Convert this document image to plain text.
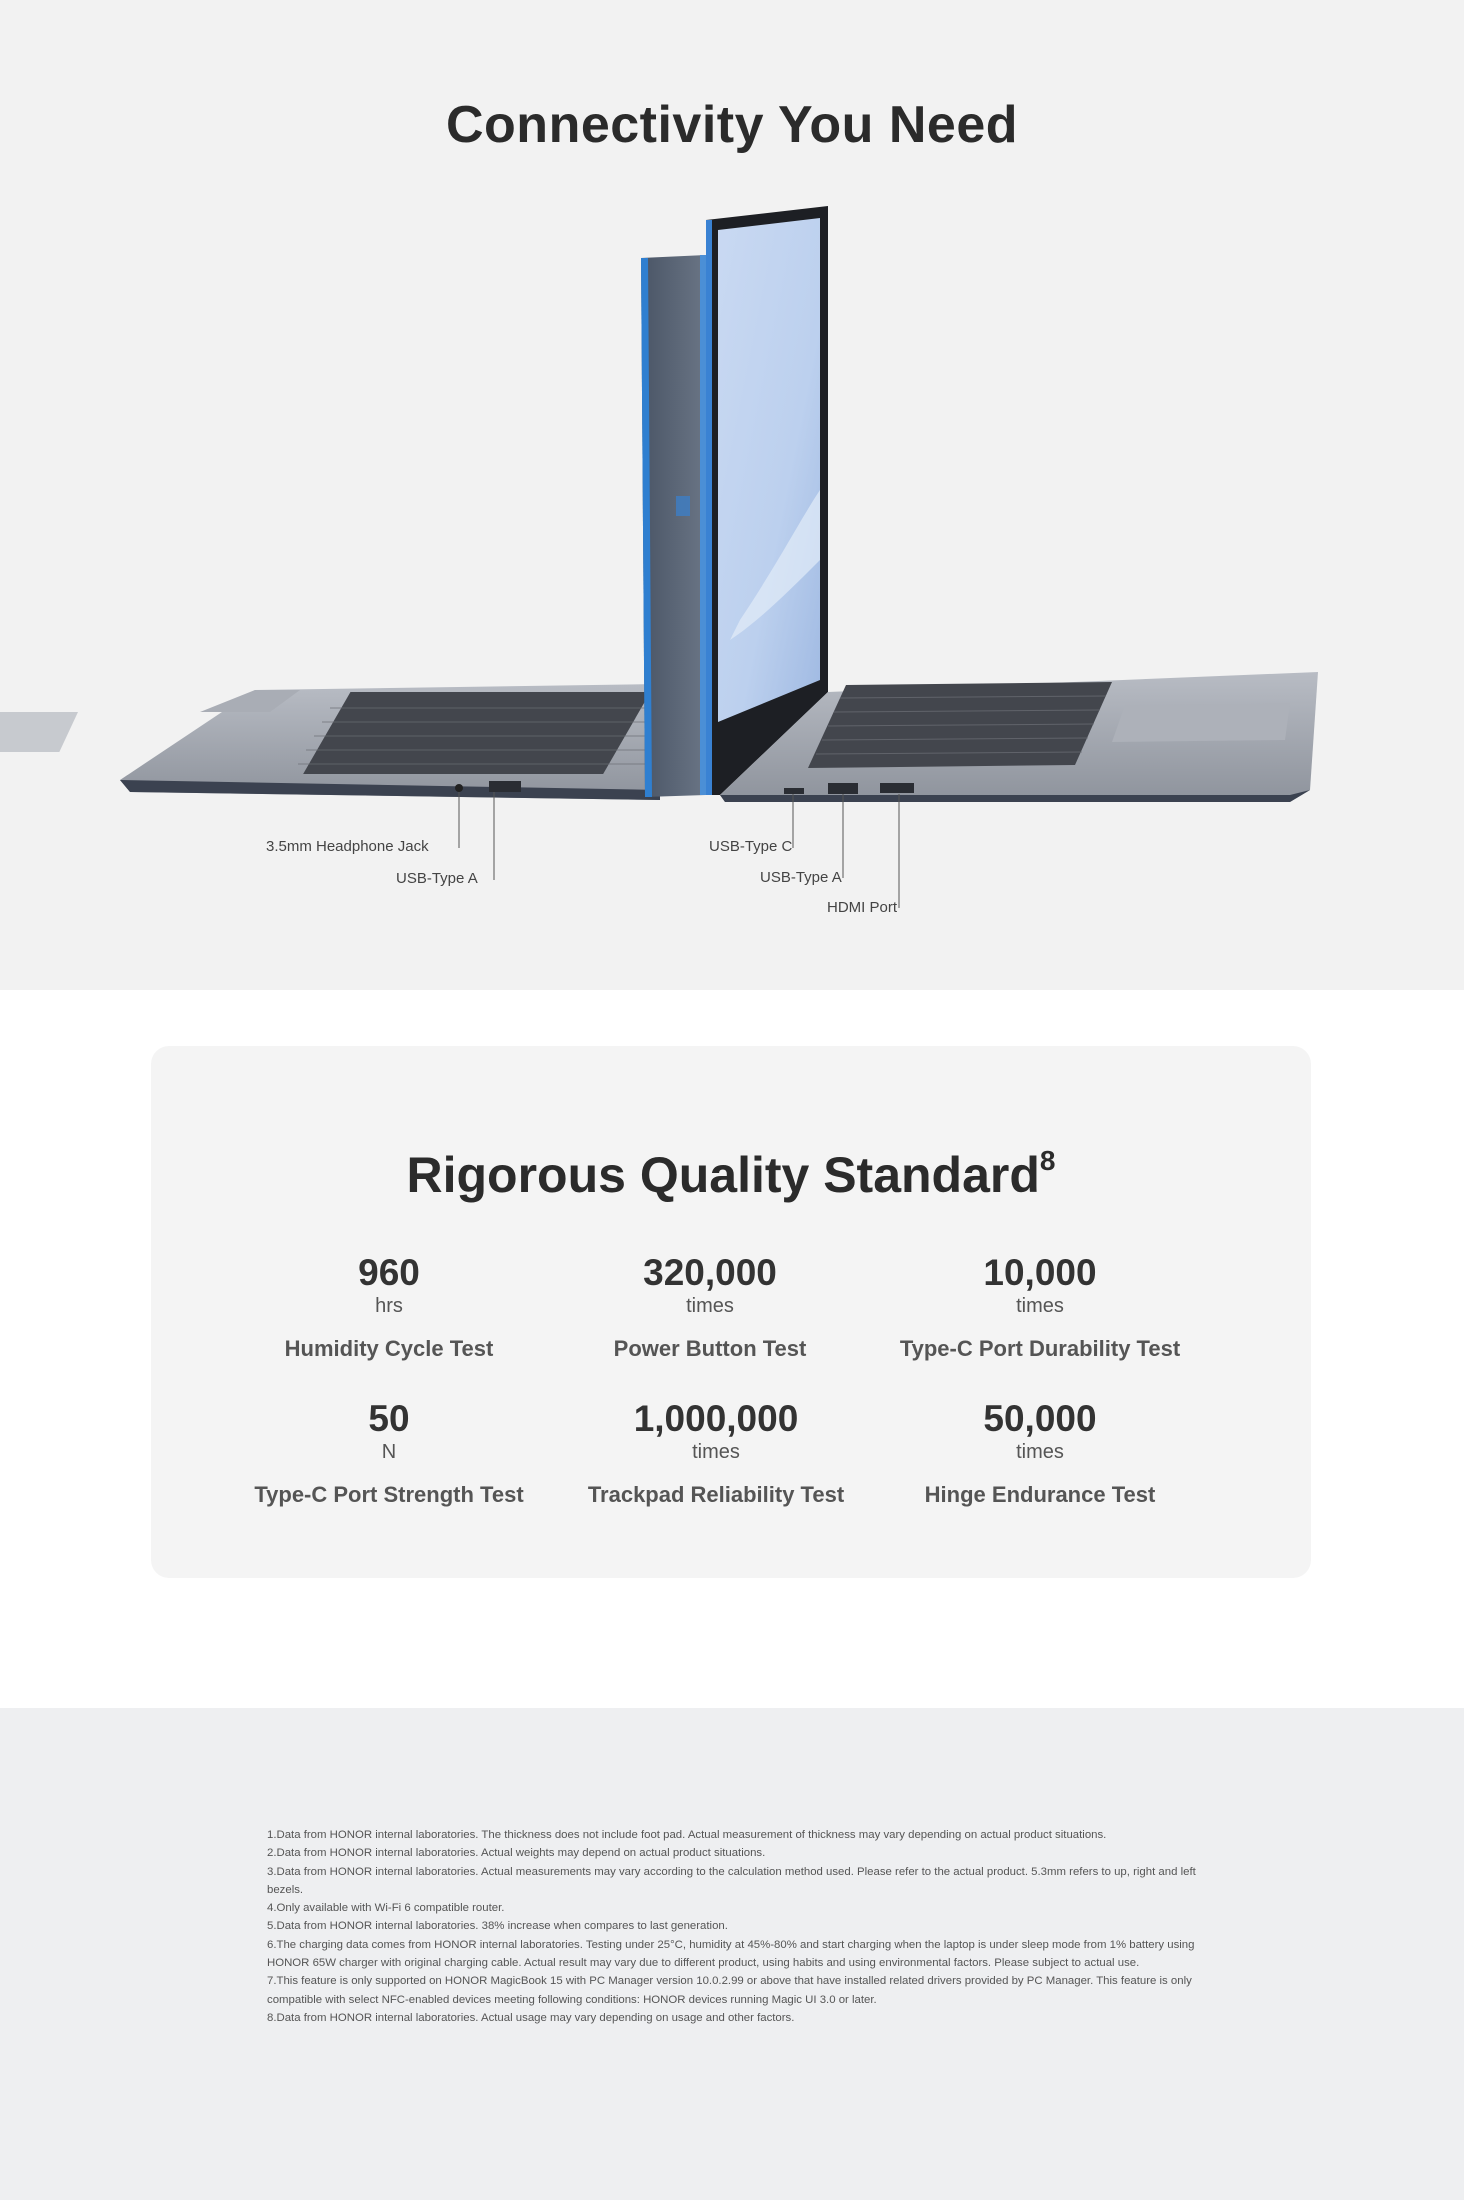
Connectivity You Need
3.5mm Headphone Jack
USB-Type A
USB-Type C
USB-Type A
HDMI Port
Rigorous Quality Standard$^8$
960
hrs
Humidity Cycle Test
320,000
times
Power Button Test
10,000
times
Type-C Port Durability Test
50
N
Type-C Port Strength Test
1,000,000
times
Trackpad Reliability Test
50,000
times
Hinge Endurance Test

1.Data from HONOR internal laboratories. The thickness does not include foot pad. Actual measurement of thickness may vary depending on actual product situations.

2.Data from HONOR internal laboratories. Actual weights may depend on actual product situations.

3.Data from HONOR internal laboratories. Actual measurements may vary according to the calculation method used. Please refer to the actual product. 5.3mm refers to up, right and left bezels.

4.Only available with Wi-Fi 6 compatible router.

5.Data from HONOR internal laboratories. 38% increase when compares to last generation.

6.The charging data comes from HONOR internal laboratories. Testing under 25°C, humidity at 45%-80% and start charging when the laptop is under sleep mode from 1% battery using HONOR 65W charger with original charging cable. Actual result may vary due to different product, using habits and using environmental factors. Please subject to actual use.

7.This feature is only supported on HONOR MagicBook 15 with PC Manager version 10.0.2.99 or above that have installed related drivers provided by PC Manager. This feature is only compatible with select NFC-enabled devices meeting following conditions: HONOR devices running Magic UI 3.0 or later.

8.Data from HONOR internal laboratories. Actual usage may vary depending on usage and other factors.
